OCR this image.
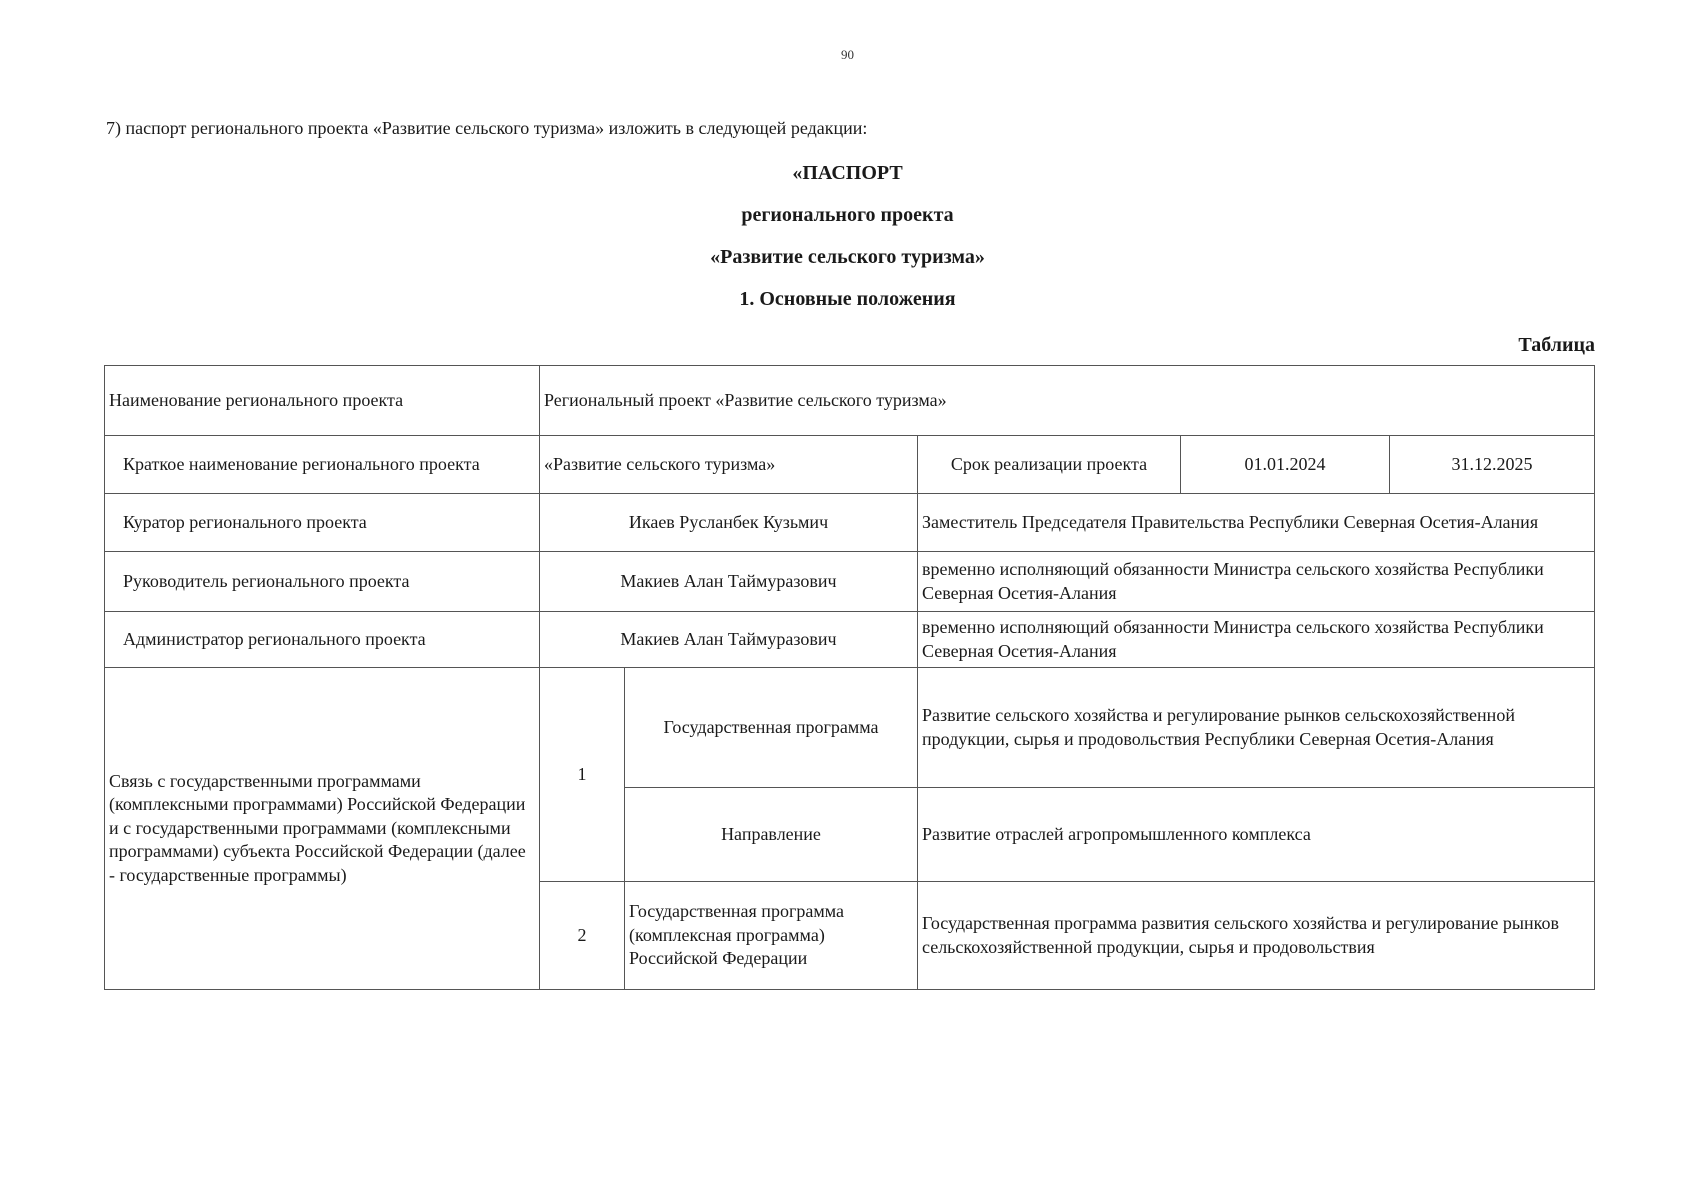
90
7) паспорт регионального проекта «Развитие сельского туризма» изложить в следующей редакции:
«ПАСПОРТ
регионального проекта
«Развитие сельского туризма»
1. Основные положения
Таблица
Наименование регионального проекта	Региональный проект «Развитие сельского туризма»				
Краткое наименование регионального проекта	«Развитие сельского туризма»		Срок реализации проекта	01.01.2024	31.12.2025
Куратор регионального проекта	Икаев Русланбек Кузьмич		Заместитель Председателя Правительства Республики Северная Осетия-Алания		
Руководитель регионального проекта	Макиев Алан Таймуразович		временно исполняющий обязанности Министра сельского хозяйства Республики Северная Осетия-Алания		
Администратор регионального проекта	Макиев Алан Таймуразович		временно исполняющий обязанности Министра сельского хозяйства Республики Северная Осетия-Алания		
Связь с государственными программами (комплексными программами) Российской Федерации и с государственными программами (комплексными программами) субъекта Российской Федерации (далее - государственные программы)	1	Государственная программа	Развитие сельского хозяйства и регулирование рынков сельскохозяйственной продукции, сырья и продовольствия Республики Северная Осетия-Алания		
		Направление	Развитие отраслей агропромышленного комплекса		
	2	Государственная программа (комплексная программа) Российской Федерации	Государственная программа развития сельского хозяйства и регулирование рынков сельскохозяйственной продукции, сырья и продовольствия		
